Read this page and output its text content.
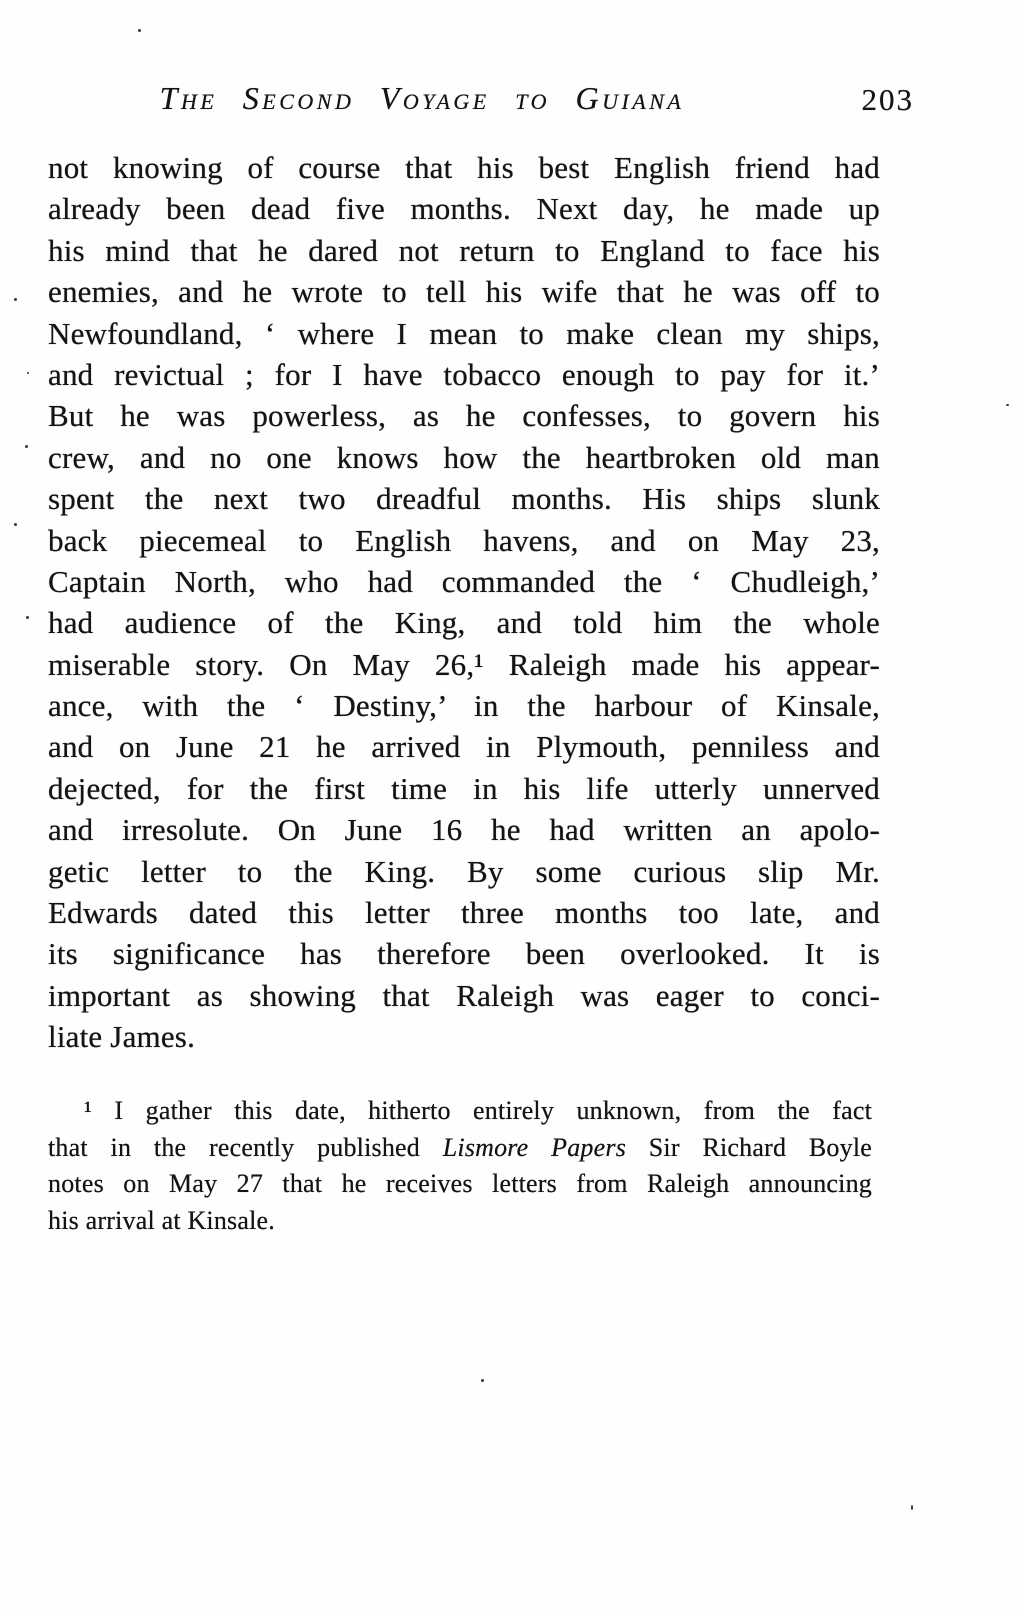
The Second Voyage to Guiana	203
not knowing of course that his best English friend had
already been dead five months. Next day, he made up
his mind that he dared not return to England to face his
enemies, and he wrote to tell his wife that he was off to
Newfoundland, ‘ where I mean to make clean my ships,
and revictual ; for I have tobacco enough to pay for it.’
But he was powerless, as he confesses, to govern his
crew, and no one knows how the heartbroken old man
spent the next two dreadful months. His ships slunk
back piecemeal to English havens, and on May 23,
Captain North, who had commanded the ‘ Chudleigh,’
had audience of the King, and told him the whole
miserable story. On May 26,¹ Raleigh made his appear-
ance, with the ‘ Destiny,’ in the harbour of Kinsale,
and on June 21 he arrived in Plymouth, penniless and
dejected, for the first time in his life utterly unnerved
and irresolute. On June 16 he had written an apolo-
getic letter to the King. By some curious slip Mr.
Edwards dated this letter three months too late, and
its significance has therefore been overlooked. It is
important as showing that Raleigh was eager to conci-
liate James.
¹ I gather this date, hitherto entirely unknown, from the fact
that in the recently published Lismore Papers Sir Richard Boyle
notes on May 27 that he receives letters from Raleigh announcing
his arrival at Kinsale.
